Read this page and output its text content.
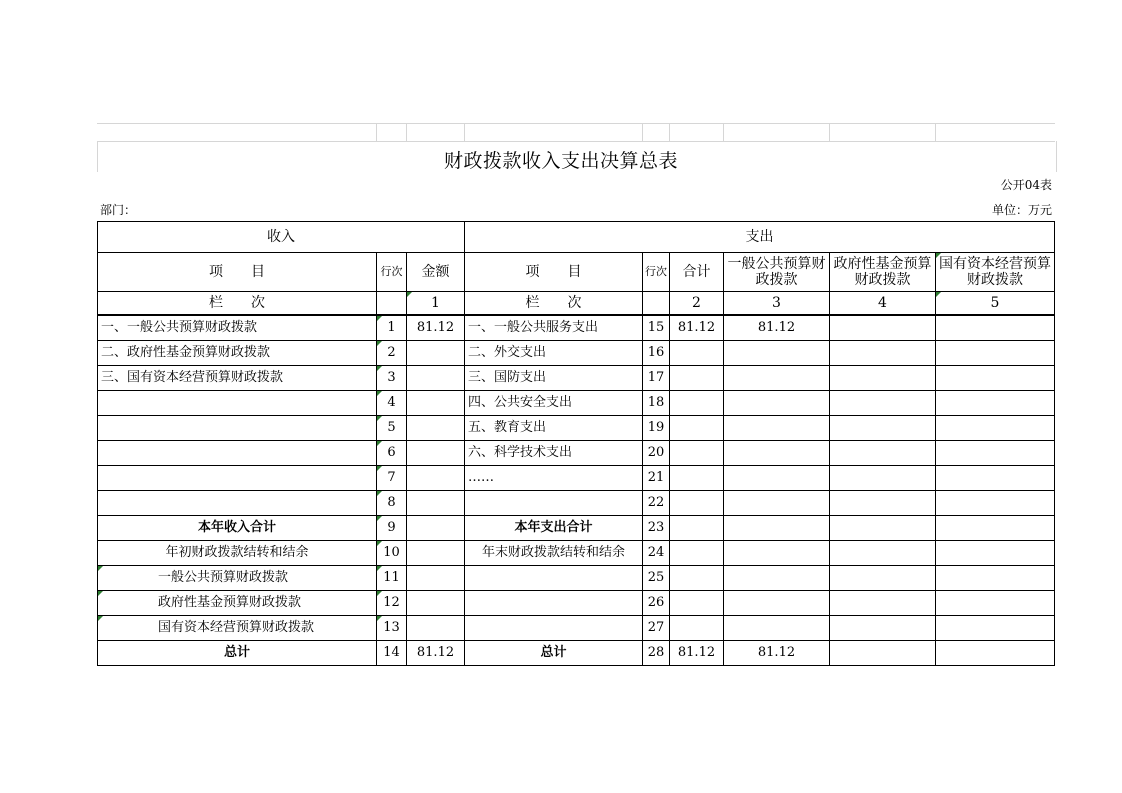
财政拨款收入支出决算总表
公开04表
部门：	单位：万元
收入			支出					
项　　目	行次	金额	项　　目	行次	合计	一般公共预算财政拨款	政府性基金预算财政拨款	国有资本经营预算财政拨款
栏　　次		1	栏　　次		2	3	4	5
一、一般公共预算财政拨款	1	81.12	一、一般公共服务支出	15	81.12	81.12		
二、政府性基金预算财政拨款	2		二、外交支出	16				
三、国有资本经营预算财政拨款	3		三、国防支出	17				
	4		四、公共安全支出	18				
	5		五、教育支出	19				
	6		六、科学技术支出	20				
	7		……	21				
	8			22				
本年收入合计	9		本年支出合计	23				
年初财政拨款结转和结余	10		年末财政拨款结转和结余	24				
一般公共预算财政拨款	11			25				
政府性基金预算财政拨款	12			26				
国有资本经营预算财政拨款	13			27				
总计	14	81.12	总计	28	81.12	81.12		
